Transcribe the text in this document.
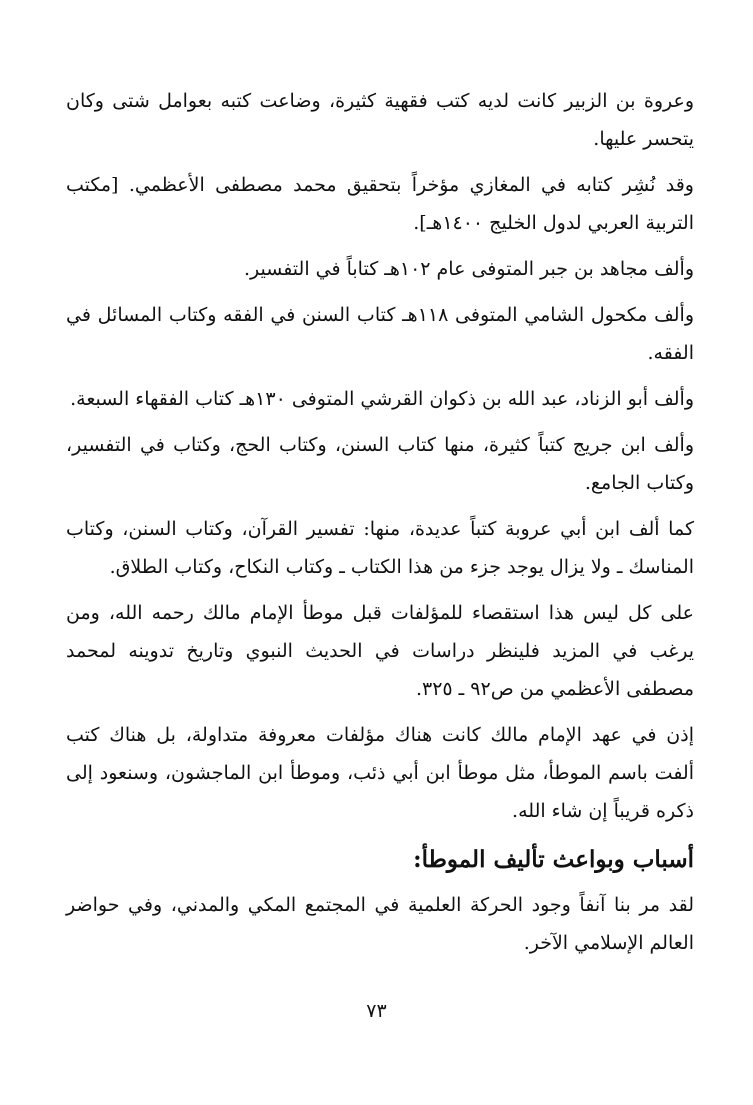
وعروة بن الزبير كانت لديه كتب فقهية كثيرة، وضاعت كتبه بعوامل شتى وكان يتحسر عليها.

وقد نُشِر كتابه في المغازي مؤخراً بتحقيق محمد مصطفى الأعظمي. [مكتب التربية العربي لدول الخليج ١٤٠٠هـ].

وألف مجاهد بن جبر المتوفى عام ١٠٢هـ كتاباً في التفسير.

وألف مكحول الشامي المتوفى ١١٨هـ كتاب السنن في الفقه وكتاب المسائل في الفقه.

وألف أبو الزناد، عبد الله بن ذكوان القرشي المتوفى ١٣٠هـ كتاب الفقهاء السبعة.

وألف ابن جريج كتباً كثيرة، منها كتاب السنن، وكتاب الحج، وكتاب في التفسير، وكتاب الجامع.

كما ألف ابن أبي عروبة كتباً عديدة، منها: تفسير القرآن، وكتاب السنن، وكتاب المناسك ـ ولا يزال يوجد جزء من هذا الكتاب ـ وكتاب النكاح، وكتاب الطلاق.

على كل ليس هذا استقصاء للمؤلفات قبل موطأ الإمام مالك رحمه الله، ومن يرغب في المزيد فلينظر دراسات في الحديث النبوي وتاريخ تدوينه لمحمد مصطفى الأعظمي من ص٩٢ ـ ٣٢٥.

إذن في عهد الإمام مالك كانت هناك مؤلفات معروفة متداولة، بل هناك كتب ألفت باسم الموطأ، مثل موطأ ابن أبي ذئب، وموطأ ابن الماجشون، وسنعود إلى ذكره قريباً إن شاء الله.

أسباب وبواعث تأليف الموطأ:

لقد مر بنا آنفاً وجود الحركة العلمية في المجتمع المكي والمدني، وفي حواضر العالم الإسلامي الآخر.

٧٣
